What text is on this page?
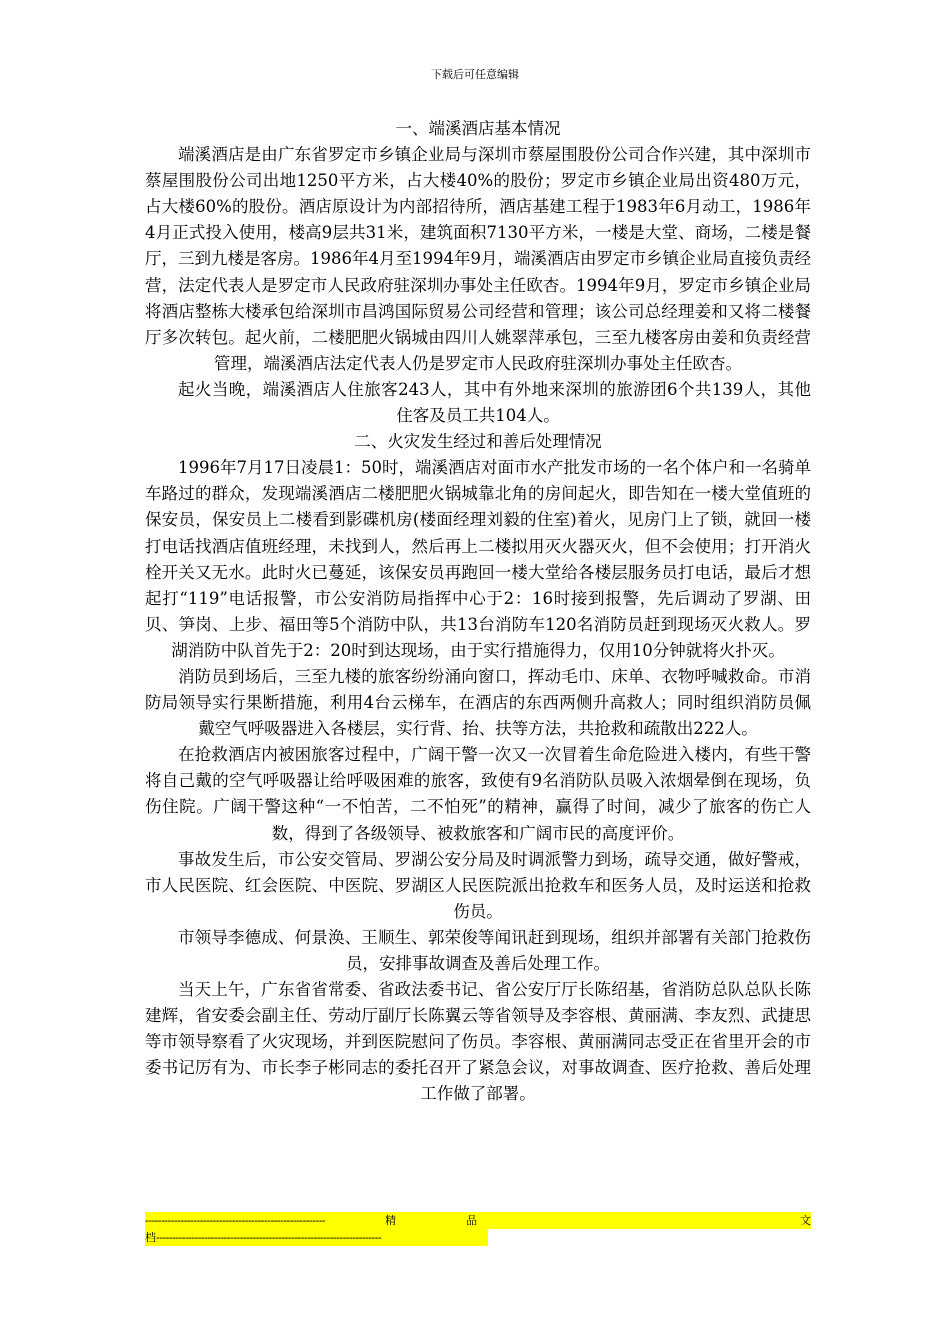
下载后可任意编辑
一、端溪酒店基本情况

端溪酒店是由广东省罗定市乡镇企业局与深圳市蔡屋围股份公司合作兴建，其中深圳市蔡屋围股份公司出地1250平方米，占大楼40%的股份；罗定市乡镇企业局出资480万元，占大楼60%的股份。酒店原设计为内部招待所，酒店基建工程于1983年6月动工，1986年4月正式投入使用，楼高9层共31米，建筑面积7130平方米，一楼是大堂、商场，二楼是餐厅，三到九楼是客房。1986年4月至1994年9月，端溪酒店由罗定市乡镇企业局直接负责经营，法定代表人是罗定市人民政府驻深圳办事处主任欧杏。1994年9月，罗定市乡镇企业局将酒店整栋大楼承包给深圳市昌鸿国际贸易公司经营和管理；该公司总经理姜和又将二楼餐厅多次转包。起火前，二楼肥肥火锅城由四川人姚翠萍承包，三至九楼客房由姜和负责经营管理，端溪酒店法定代表人仍是罗定市人民政府驻深圳办事处主任欧杏。

起火当晚，端溪酒店人住旅客243人，其中有外地来深圳的旅游团6个共139人，其他住客及员工共104人。

二、火灾发生经过和善后处理情况

1996年7月17日凌晨1：50时，端溪酒店对面市水产批发市场的一名个体户和一名骑单车路过的群众，发现端溪酒店二楼肥肥火锅城靠北角的房间起火，即告知在一楼大堂值班的保安员，保安员上二楼看到影碟机房(楼面经理刘毅的住室)着火，见房门上了锁，就回一楼打电话找酒店值班经理，未找到人，然后再上二楼拟用灭火器灭火，但不会使用；打开消火栓开关又无水。此时火已蔓延，该保安员再跑回一楼大堂给各楼层服务员打电话，最后才想起打“119”电话报警，市公安消防局指挥中心于2：16时接到报警，先后调动了罗湖、田贝、笋岗、上步、福田等5个消防中队，共13台消防车120名消防员赶到现场灭火救人。罗湖消防中队首先于2：20时到达现场，由于实行措施得力，仅用10分钟就将火扑灭。

消防员到场后，三至九楼的旅客纷纷涌向窗口，挥动毛巾、床单、衣物呼喊救命。市消防局领导实行果断措施，利用4台云梯车，在酒店的东西两侧升高救人；同时组织消防员佩戴空气呼吸器进入各楼层，实行背、抬、扶等方法，共抢救和疏散出222人。

在抢救酒店内被困旅客过程中，广阔干警一次又一次冒着生命危险进入楼内，有些干警将自己戴的空气呼吸器让给呼吸困难的旅客，致使有9名消防队员吸入浓烟晕倒在现场，负伤住院。广阔干警这种“一不怕苦，二不怕死”的精神，赢得了时间，减少了旅客的伤亡人数，得到了各级领导、被救旅客和广阔市民的高度评价。

事故发生后，市公安交管局、罗湖公安分局及时调派警力到场，疏导交通，做好警戒，市人民医院、红会医院、中医院、罗湖区人民医院派出抢救车和医务人员，及时运送和抢救伤员。

市领导李德成、何景涣、王顺生、郭荣俊等闻讯赶到现场，组织并部署有关部门抢救伤员，安排事故调查及善后处理工作。

当天上午，广东省省常委、省政法委书记、省公安厅厅长陈绍基，省消防总队总队长陈建辉，省安委会副主任、劳动厅副厅长陈翼云等省领导及李容根、黄丽满、李友烈、武捷思等市领导察看了火灾现场，并到医院慰问了伤员。李容根、黄丽满同志受正在省里开会的市委书记厉有为、市长李子彬同志的委托召开了紧急会议，对事故调查、医疗抢救、善后处理工作做了部署。

--------------------------------------------------------	精	品	文
档 ----------------------------------------------------------------------
